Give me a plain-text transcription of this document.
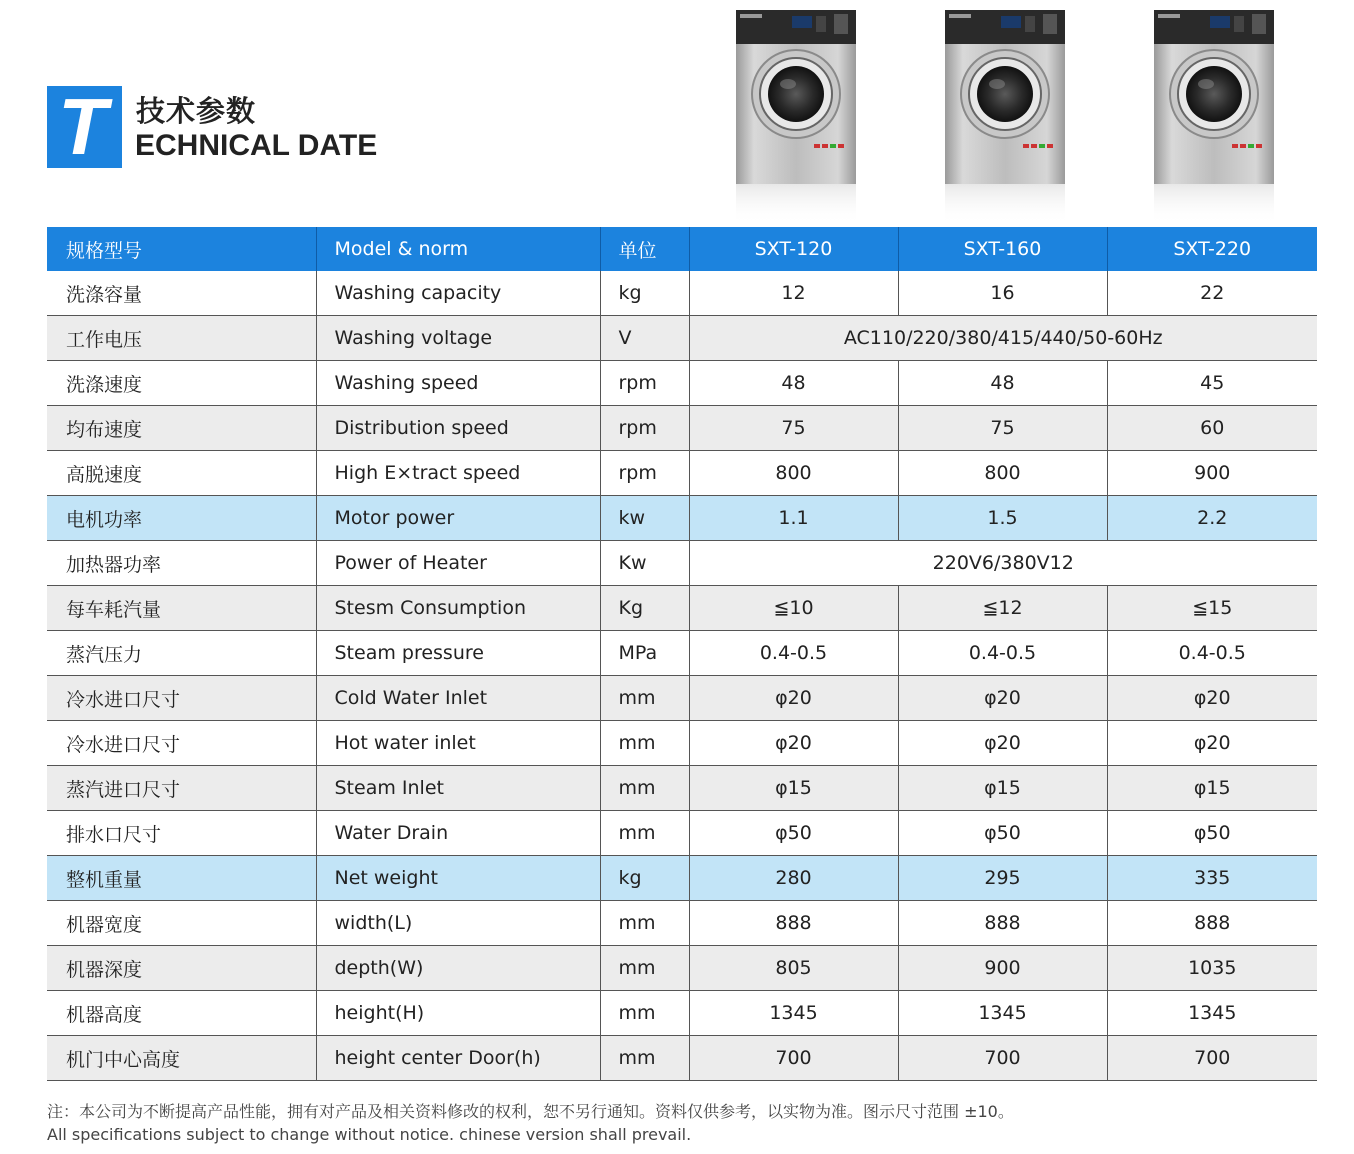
T 技术参数
ECHNICAL DATE
规格型号	Model & norm	单位	SXT-120	SXT-160	SXT-220
洗涤容量	Washing capacity	kg	12	16	22
工作电压	Washing voltage	V	AC110/220/380/415/440/50-60Hz		
洗涤速度	Washing speed	rpm	48	48	45
均布速度	Distribution speed	rpm	75	75	60
高脱速度	High E×tract speed	rpm	800	800	900
电机功率	Motor power	kw	1.1	1.5	2.2
加热器功率	Power of Heater	Kw	220V6/380V12		
每车耗汽量	Stesm Consumption	Kg	≦10	≦12	≦15
蒸汽压力	Steam pressure	MPa	0.4-0.5	0.4-0.5	0.4-0.5
冷水进口尺寸	Cold Water Inlet	mm	φ20	φ20	φ20
冷水进口尺寸	Hot water inlet	mm	φ20	φ20	φ20
蒸汽进口尺寸	Steam Inlet	mm	φ15	φ15	φ15
排水口尺寸	Water Drain	mm	φ50	φ50	φ50
整机重量	Net weight	kg	280	295	335
机器宽度	width(L)	mm	888	888	888
机器深度	depth(W)	mm	805	900	1035
机器高度	height(H)	mm	1345	1345	1345
机门中心高度	height center Door(h)	mm	700	700	700
注：本公司为不断提高产品性能，拥有对产品及相关资料修改的权利，恕不另行通知。资料仅供参考，以实物为准。图示尺寸范围 ±10。
All specifications subject to change without notice. chinese version shall prevail.
